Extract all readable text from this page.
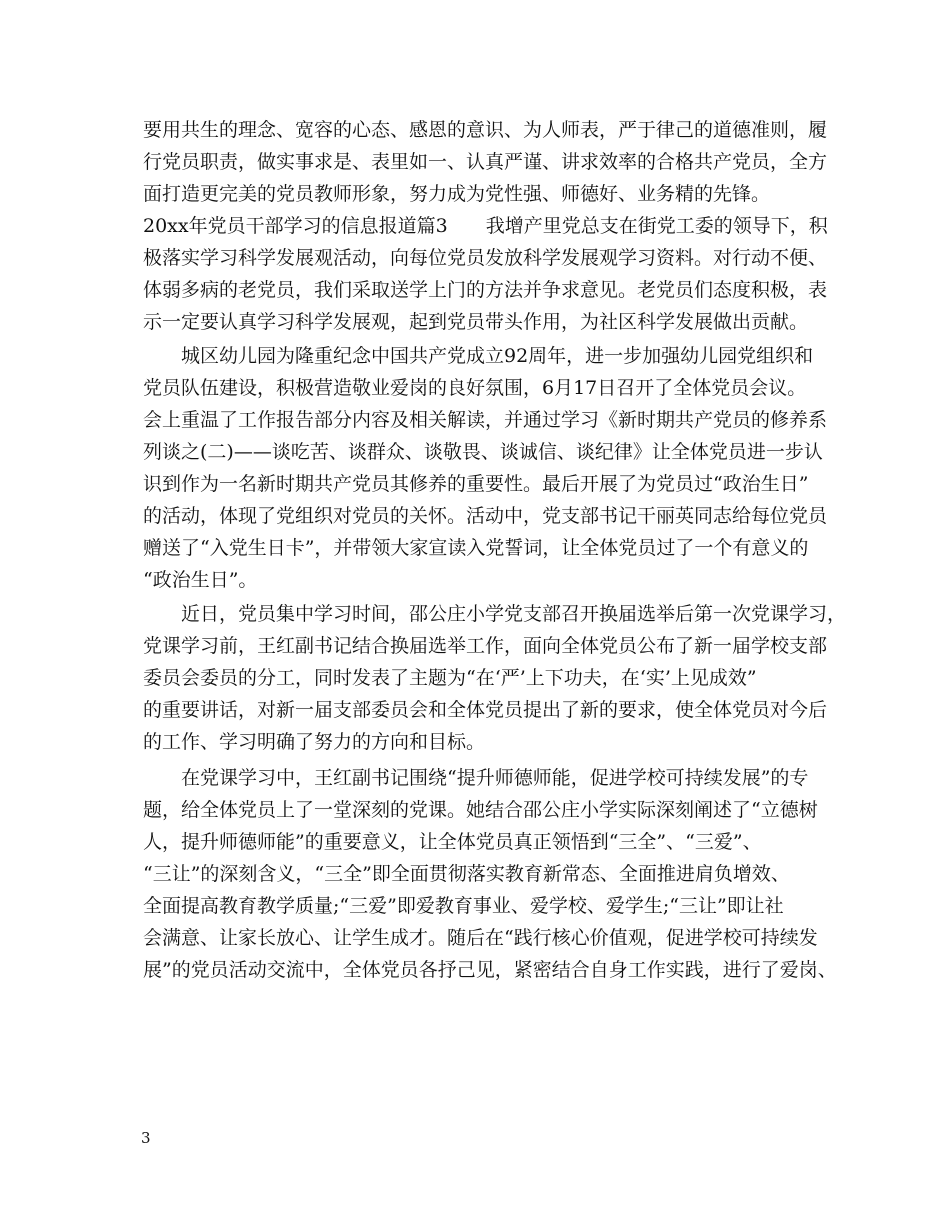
要用共生的理念、宽容的心态、感恩的意识、为人师表，严于律己的道德准则，履
行党员职责，做实事求是、表里如一、认真严谨、讲求效率的合格共产党员，全方
面打造更完美的党员教师形象，努力成为党性强、师德好、业务精的先锋。
20xx年党员干部学习的信息报道篇3　　我增产里党总支在街党工委的领导下，积
极落实学习科学发展观活动，向每位党员发放科学发展观学习资料。对行动不便、
体弱多病的老党员，我们采取送学上门的方法并争求意见。老党员们态度积极，表
示一定要认真学习科学发展观，起到党员带头作用，为社区科学发展做出贡献。
　　城区幼儿园为隆重纪念中国共产党成立92周年，进一步加强幼儿园党组织和
党员队伍建设，积极营造敬业爱岗的良好氛围，6月17日召开了全体党员会议。
会上重温了工作报告部分内容及相关解读，并通过学习《新时期共产党员的修养系
列谈之(二)——谈吃苦、谈群众、谈敬畏、谈诚信、谈纪律》让全体党员进一步认
识到作为一名新时期共产党员其修养的重要性。最后开展了为党员过“政治生日”
的活动，体现了党组织对党员的关怀。活动中，党支部书记干丽英同志给每位党员
赠送了“入党生日卡”，并带领大家宣读入党誓词，让全体党员过了一个有意义的
“政治生日”。
　　近日，党员集中学习时间，邵公庄小学党支部召开换届选举后第一次党课学习，
党课学习前，王红副书记结合换届选举工作，面向全体党员公布了新一届学校支部
委员会委员的分工，同时发表了主题为“在‘严’上下功夫，在‘实’上见成效”
的重要讲话，对新一届支部委员会和全体党员提出了新的要求，使全体党员对今后
的工作、学习明确了努力的方向和目标。
　　在党课学习中，王红副书记围绕“提升师德师能，促进学校可持续发展”的专
题，给全体党员上了一堂深刻的党课。她结合邵公庄小学实际深刻阐述了“立德树
人，提升师德师能”的重要意义，让全体党员真正领悟到“三全”、“三爱”、
“三让”的深刻含义，“三全”即全面贯彻落实教育新常态、全面推进肩负增效、
全面提高教育教学质量;“三爱”即爱教育事业、爱学校、爱学生;“三让”即让社
会满意、让家长放心、让学生成才。随后在“践行核心价值观，促进学校可持续发
展”的党员活动交流中，全体党员各抒己见，紧密结合自身工作实践，进行了爱岗、
3
